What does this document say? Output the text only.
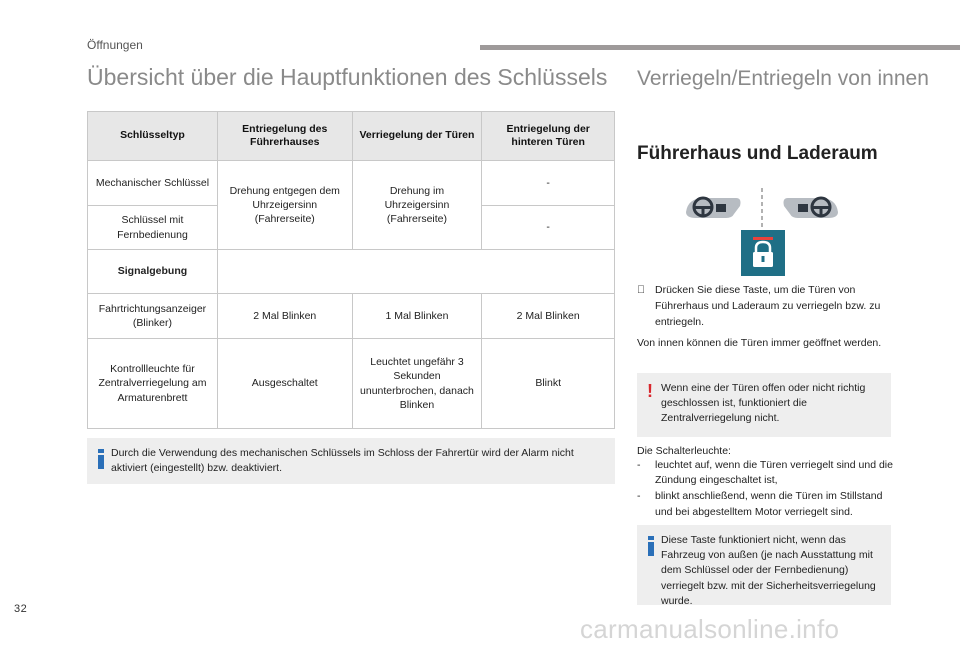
Öffnungen
Übersicht über die Hauptfunktionen des Schlüssels
Schlüsseltyp	Entriegelung des Führerhauses	Verriegelung der Türen	Entriegelung der hinteren Türen
Mechanischer Schlüssel	Drehung entgegen dem Uhrzeigersinn (Fahrerseite)	Drehung im Uhrzeigersinn (Fahrerseite)	-
Schlüssel mit Fernbedienung			-
Signalgebung			
Fahrtrichtungsanzeiger (Blinker)	2 Mal Blinken	1 Mal Blinken	2 Mal Blinken
Kontrollleuchte für Zentralverriegelung am Armaturenbrett	Ausgeschaltet	Leuchtet ungefähr 3 Sekunden ununterbrochen, danach Blinken	Blinkt
Durch die Verwendung des mechanischen Schlüssels im Schloss der Fahrertür wird der Alarm nicht aktiviert (eingestellt) bzw. deaktiviert.
Verriegeln/Entriegeln von innen
Führerhaus und Laderaum
Drücken Sie diese Taste, um die Türen von Führerhaus und Laderaum zu verriegeln bzw. zu entriegeln.
Von innen können die Türen immer geöffnet werden.
! Wenn eine der Türen offen oder nicht richtig geschlossen ist, funktioniert die Zentralverriegelung nicht.
Die Schalterleuchte:
- leuchtet auf, wenn die Türen verriegelt sind und die Zündung eingeschaltet ist,
- blinkt anschließend, wenn die Türen im Stillstand und bei abgestelltem Motor verriegelt sind.
Diese Taste funktioniert nicht, wenn das Fahrzeug von außen (je nach Ausstattung mit dem Schlüssel oder der Fernbedienung) verriegelt bzw. mit der Sicherheitsverriegelung wurde.
32
carmanualsonline.info
